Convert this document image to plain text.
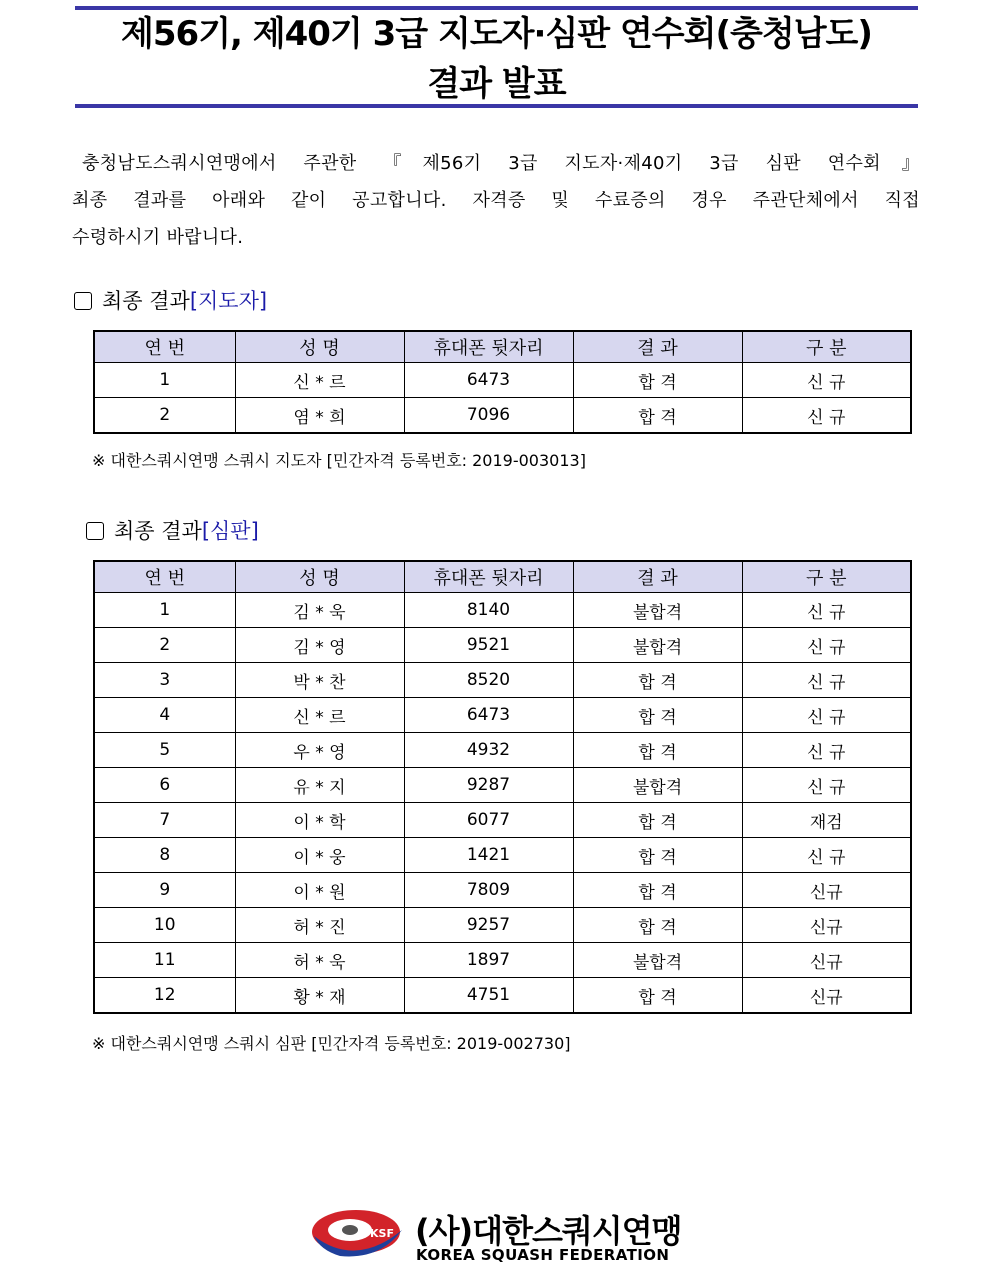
제56기, 제40기 3급 지도자·심판 연수회(충청남도)
결과 발표

충청남도스쿼시연맹에서 주관한 『제56기 3급 지도자·제40기 3급 심판 연수회』

최종 결과를 아래와 같이 공고합니다. 자격증 및 수료증의 경우 주관단체에서 직접

수령하시기 바랍니다.

최종 결과[지도자]
연 번	성 명	휴대폰 뒷자리	결 과	구 분
1	신 * 르	6473	합 격	신 규
2	염 * 희	7096	합 격	신 규
※ 대한스쿼시연맹 스쿼시 지도자 [민간자격 등록번호: 2019-003013]
최종 결과[심판]
연 번	성 명	휴대폰 뒷자리	결 과	구 분
1	김 * 욱	8140	불합격	신 규
2	김 * 영	9521	불합격	신 규
3	박 * 찬	8520	합 격	신 규
4	신 * 르	6473	합 격	신 규
5	우 * 영	4932	합 격	신 규
6	유 * 지	9287	불합격	신 규
7	이 * 학	6077	합 격	재검
8	이 * 웅	1421	합 격	신 규
9	이 * 원	7809	합 격	신규
10	허 * 진	9257	합 격	신규
11	허 * 욱	1897	불합격	신규
12	황 * 재	4751	합 격	신규
※ 대한스쿼시연맹 스쿼시 심판 [민간자격 등록번호: 2019-002730]
KSF (사)대한스쿼시연맹
KOREA SQUASH FEDERATION
